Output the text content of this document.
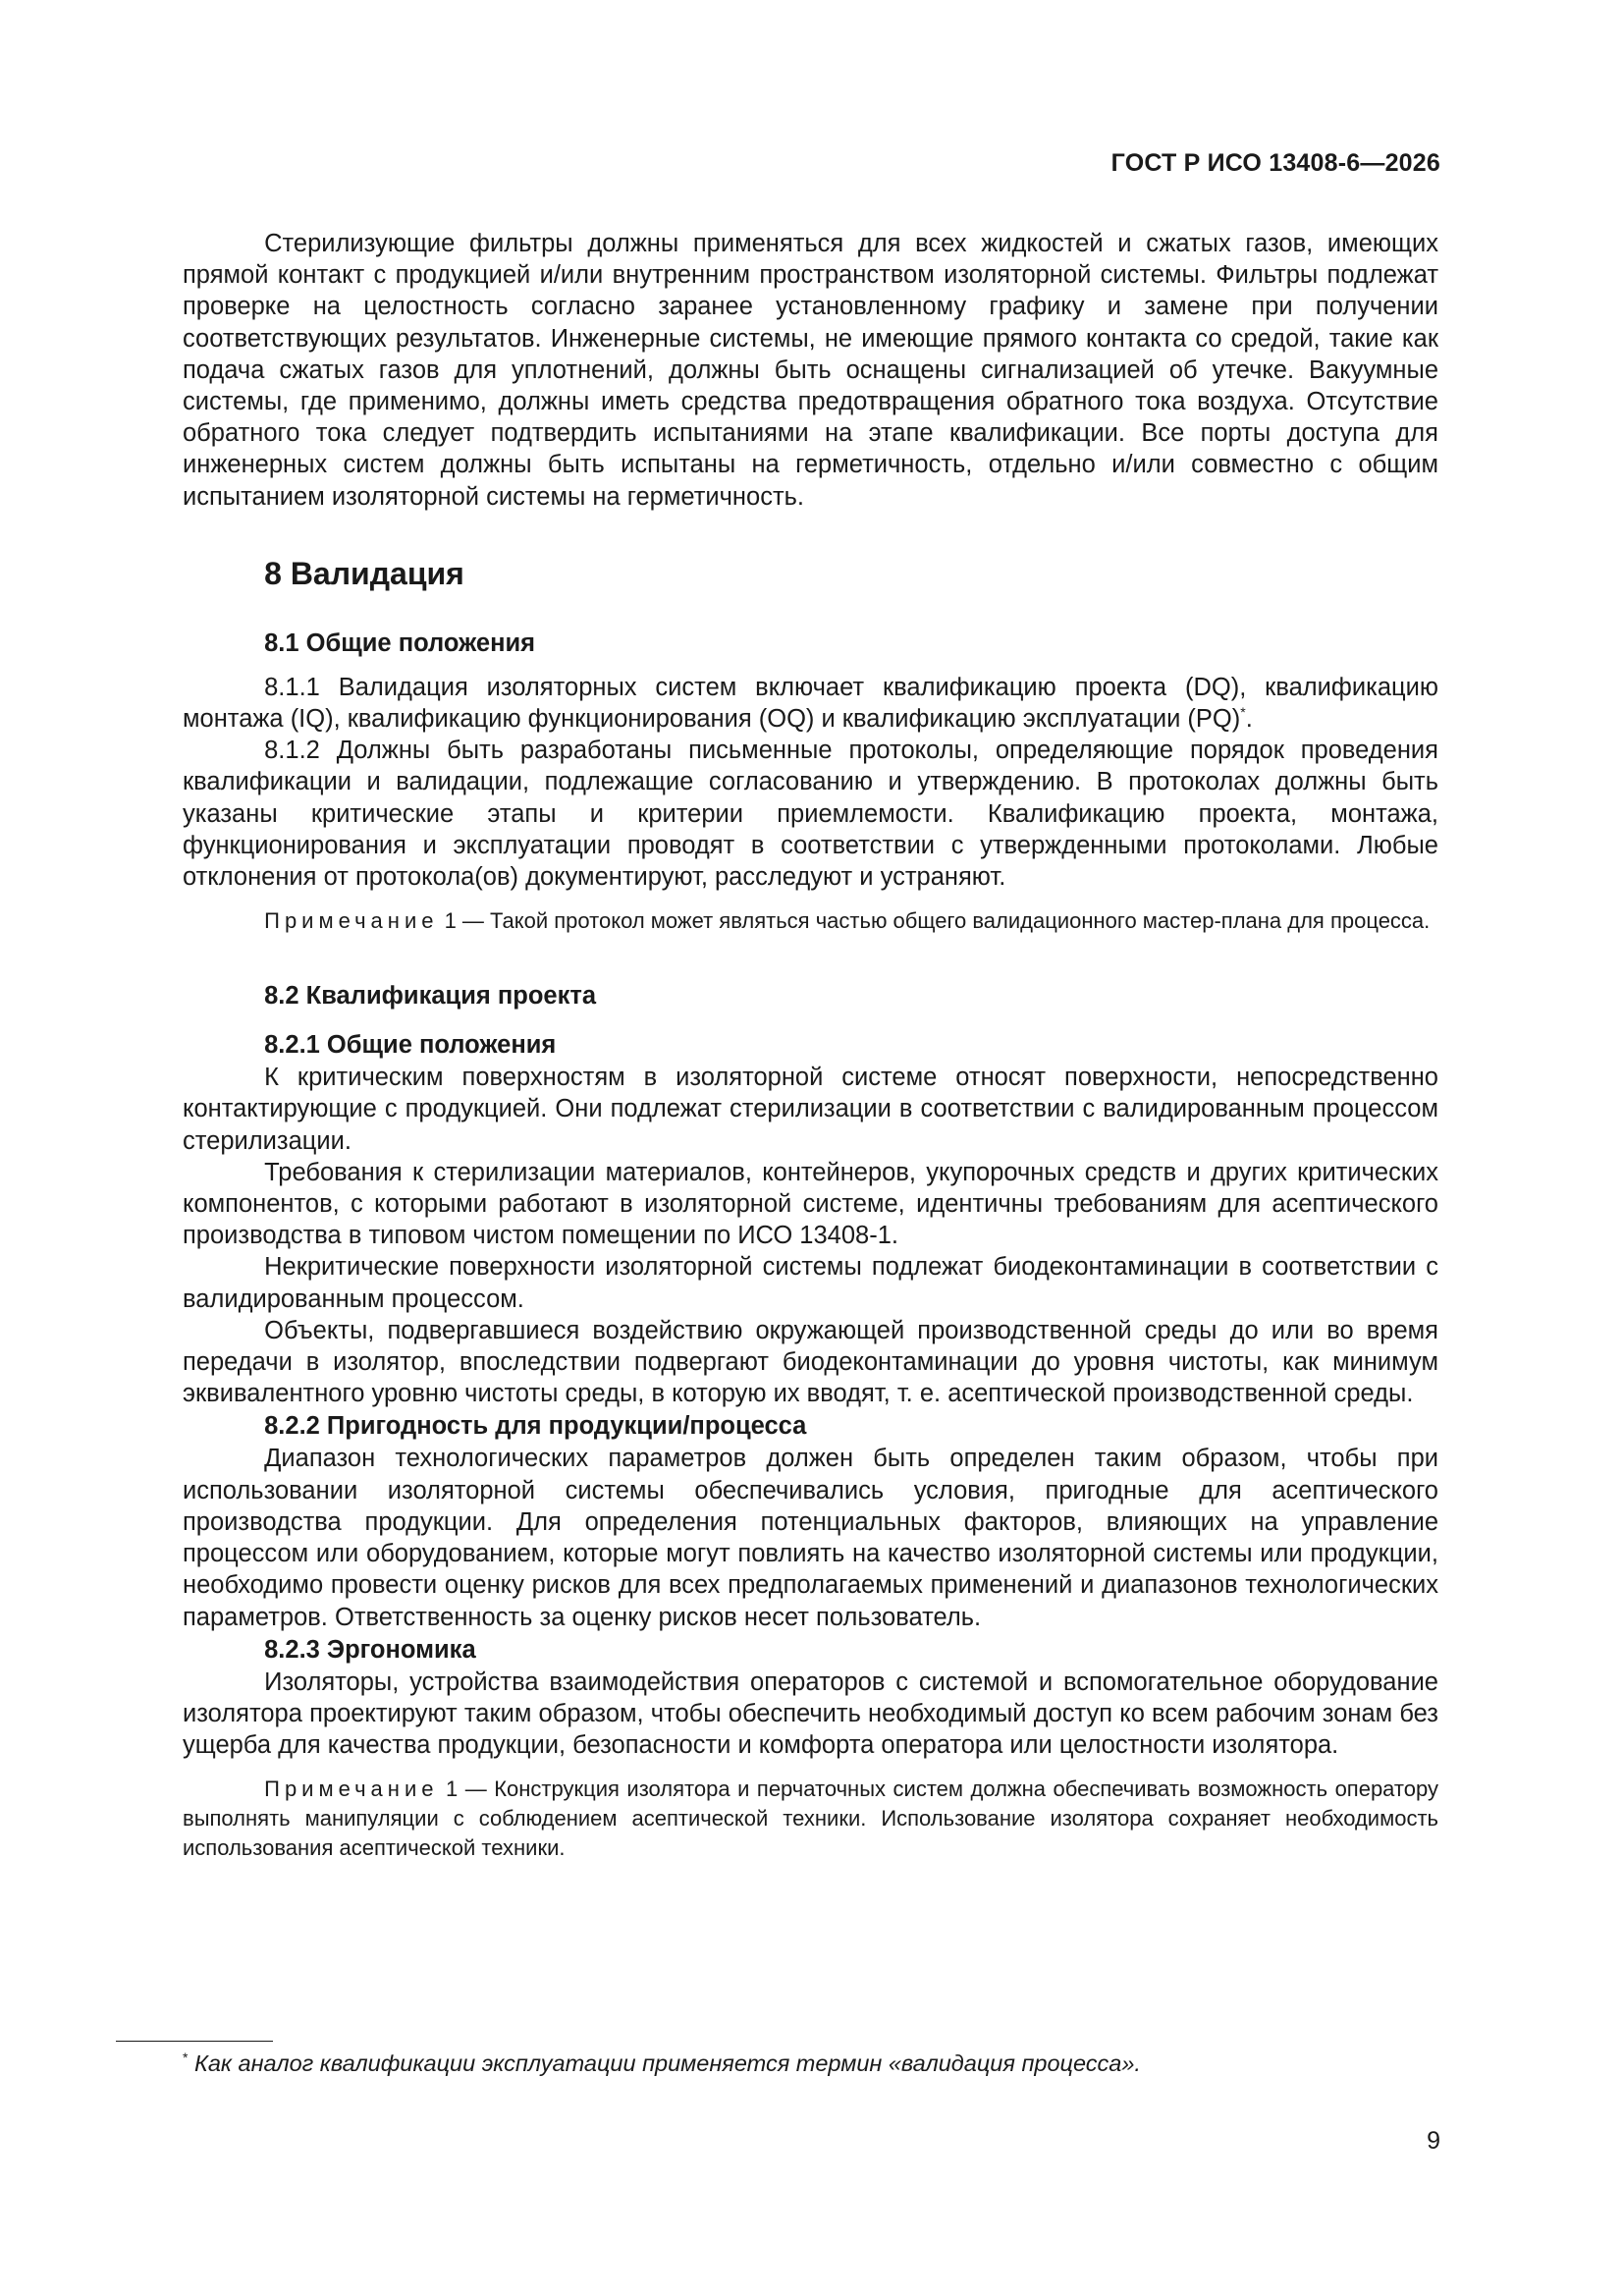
ГОСТ Р ИСО 13408-6—2026

Стерилизующие фильтры должны применяться для всех жидкостей и сжатых газов, имеющих прямой контакт с продукцией и/или внутренним пространством изоляторной системы. Фильтры подлежат проверке на целостность согласно заранее установленному графику и замене при получении соответствующих результатов. Инженерные системы, не имеющие прямого контакта со средой, такие как подача сжатых газов для уплотнений, должны быть оснащены сигнализацией об утечке. Вакуумные системы, где применимо, должны иметь средства предотвращения обратного тока воздуха. Отсутствие обратного тока следует подтвердить испытаниями на этапе квалификации. Все порты доступа для инженерных систем должны быть испытаны на герметичность, отдельно и/или совместно с общим испытанием изоляторной системы на герметичность.

8 Валидация
8.1 Общие положения

8.1.1 Валидация изоляторных систем включает квалификацию проекта (DQ), квалификацию монтажа (IQ), квалификацию функционирования (OQ) и квалификацию эксплуатации (PQ)*.

8.1.2 Должны быть разработаны письменные протоколы, определяющие порядок проведения квалификации и валидации, подлежащие согласованию и утверждению. В протоколах должны быть указаны критические этапы и критерии приемлемости. Квалификацию проекта, монтажа, функционирования и эксплуатации проводят в соответствии с утвержденными протоколами. Любые отклонения от протокола(ов) документируют, расследуют и устраняют.

Примечание 1 — Такой протокол может являться частью общего валидационного мастер-плана для процесса.

8.2 Квалификация проекта
8.2.1 Общие положения

К критическим поверхностям в изоляторной системе относят поверхности, непосредственно контактирующие с продукцией. Они подлежат стерилизации в соответствии с валидированным процессом стерилизации.

Требования к стерилизации материалов, контейнеров, укупорочных средств и других критических компонентов, с которыми работают в изоляторной системе, идентичны требованиям для асептического производства в типовом чистом помещении по ИСО 13408-1.

Некритические поверхности изоляторной системы подлежат биодеконтаминации в соответствии с валидированным процессом.

Объекты, подвергавшиеся воздействию окружающей производственной среды до или во время передачи в изолятор, впоследствии подвергают биодеконтаминации до уровня чистоты, как минимум эквивалентного уровню чистоты среды, в которую их вводят, т. е. асептической производственной среды.

8.2.2 Пригодность для продукции/процесса

Диапазон технологических параметров должен быть определен таким образом, чтобы при использовании изоляторной системы обеспечивались условия, пригодные для асептического производства продукции. Для определения потенциальных факторов, влияющих на управление процессом или оборудованием, которые могут повлиять на качество изоляторной системы или продукции, необходимо провести оценку рисков для всех предполагаемых применений и диапазонов технологических параметров. Ответственность за оценку рисков несет пользователь.

8.2.3 Эргономика

Изоляторы, устройства взаимодействия операторов с системой и вспомогательное оборудование изолятора проектируют таким образом, чтобы обеспечить необходимый доступ ко всем рабочим зонам без ущерба для качества продукции, безопасности и комфорта оператора или целостности изолятора.

Примечание 1 — Конструкция изолятора и перчаточных систем должна обеспечивать возможность оператору выполнять манипуляции с соблюдением асептической техники. Использование изолятора сохраняет необходимость использования асептической техники.

* Как аналог квалификации эксплуатации применяется термин «валидация процесса».
9
